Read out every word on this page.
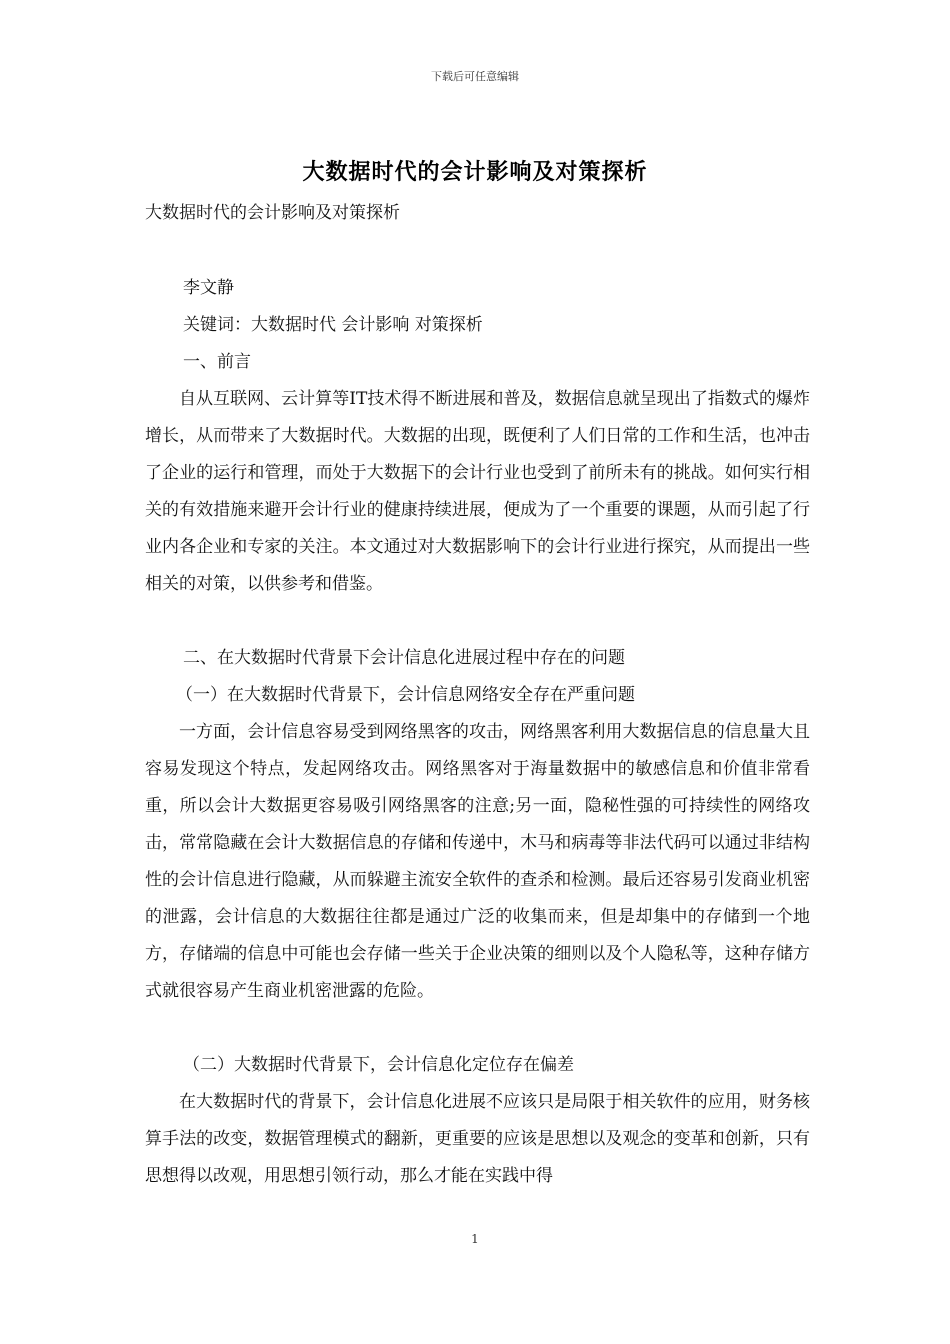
下载后可任意编辑
大数据时代的会计影响及对策探析
大数据时代的会计影响及对策探析
李文静
关键词：大数据时代 会计影响 对策探析
一、前言

自从互联网、云计算等IT技术得不断进展和普及，数据信息就呈现出了指数式的爆炸增长，从而带来了大数据时代。大数据的出现，既便利了人们日常的工作和生活，也冲击了企业的运行和管理，而处于大数据下的会计行业也受到了前所未有的挑战。如何实行相关的有效措施来避开会计行业的健康持续进展，便成为了一个重要的课题，从而引起了行业内各企业和专家的关注。本文通过对大数据影响下的会计行业进行探究，从而提出一些相关的对策，以供参考和借鉴。

二、在大数据时代背景下会计信息化进展过程中存在的问题
（一）在大数据时代背景下，会计信息网络安全存在严重问题

一方面，会计信息容易受到网络黑客的攻击，网络黑客利用大数据信息的信息量大且容易发现这个特点，发起网络攻击。网络黑客对于海量数据中的敏感信息和价值非常看重，所以会计大数据更容易吸引网络黑客的注意;另一面，隐秘性强的可持续性的网络攻击，常常隐藏在会计大数据信息的存储和传递中，木马和病毒等非法代码可以通过非结构性的会计信息进行隐藏，从而躲避主流安全软件的查杀和检测。最后还容易引发商业机密的泄露，会计信息的大数据往往都是通过广泛的收集而来，但是却集中的存储到一个地方，存储端的信息中可能也会存储一些关于企业决策的细则以及个人隐私等，这种存储方式就很容易产生商业机密泄露的危险。

（二）大数据时代背景下，会计信息化定位存在偏差

在大数据时代的背景下，会计信息化进展不应该只是局限于相关软件的应用，财务核算手法的改变，数据管理模式的翻新，更重要的应该是思想以及观念的变革和创新，只有思想得以改观，用思想引领行动，那么才能在实践中得

1
